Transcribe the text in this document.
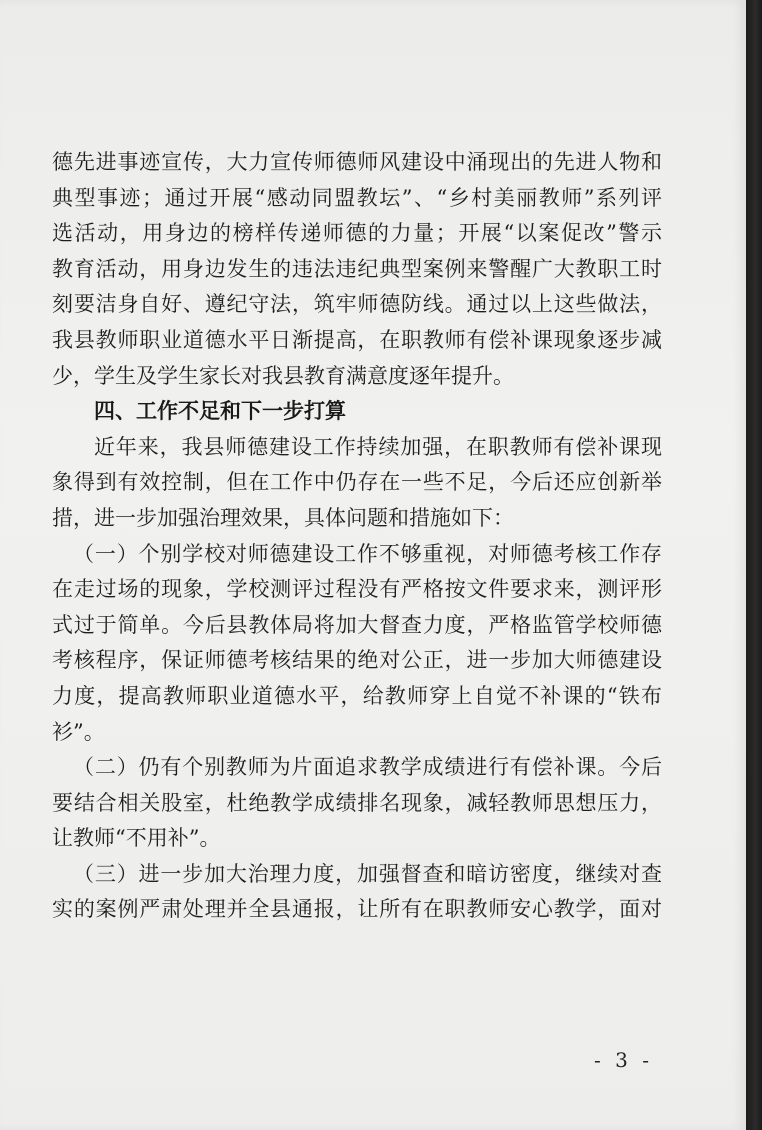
德先进事迹宣传，大力宣传师德师风建设中涌现出的先进人物和
典型事迹；通过开展“感动同盟教坛”、“乡村美丽教师”系列评
选活动，用身边的榜样传递师德的力量；开展“以案促改”警示
教育活动，用身边发生的违法违纪典型案例来警醒广大教职工时
刻要洁身自好、遵纪守法，筑牢师德防线。通过以上这些做法，
我县教师职业道德水平日渐提高，在职教师有偿补课现象逐步减
少，学生及学生家长对我县教育满意度逐年提升。
四、工作不足和下一步打算
近年来，我县师德建设工作持续加强，在职教师有偿补课现
象得到有效控制，但在工作中仍存在一些不足，今后还应创新举
措，进一步加强治理效果，具体问题和措施如下：
（一）个别学校对师德建设工作不够重视，对师德考核工作存
在走过场的现象，学校测评过程没有严格按文件要求来，测评形
式过于简单。今后县教体局将加大督查力度，严格监管学校师德
考核程序，保证师德考核结果的绝对公正，进一步加大师德建设
力度，提高教师职业道德水平，给教师穿上自觉不补课的“铁布
衫”。
（二）仍有个别教师为片面追求教学成绩进行有偿补课。今后
要结合相关股室，杜绝教学成绩排名现象，减轻教师思想压力，
让教师“不用补”。
（三）进一步加大治理力度，加强督查和暗访密度，继续对查
实的案例严肃处理并全县通报，让所有在职教师安心教学，面对
- 3 -
